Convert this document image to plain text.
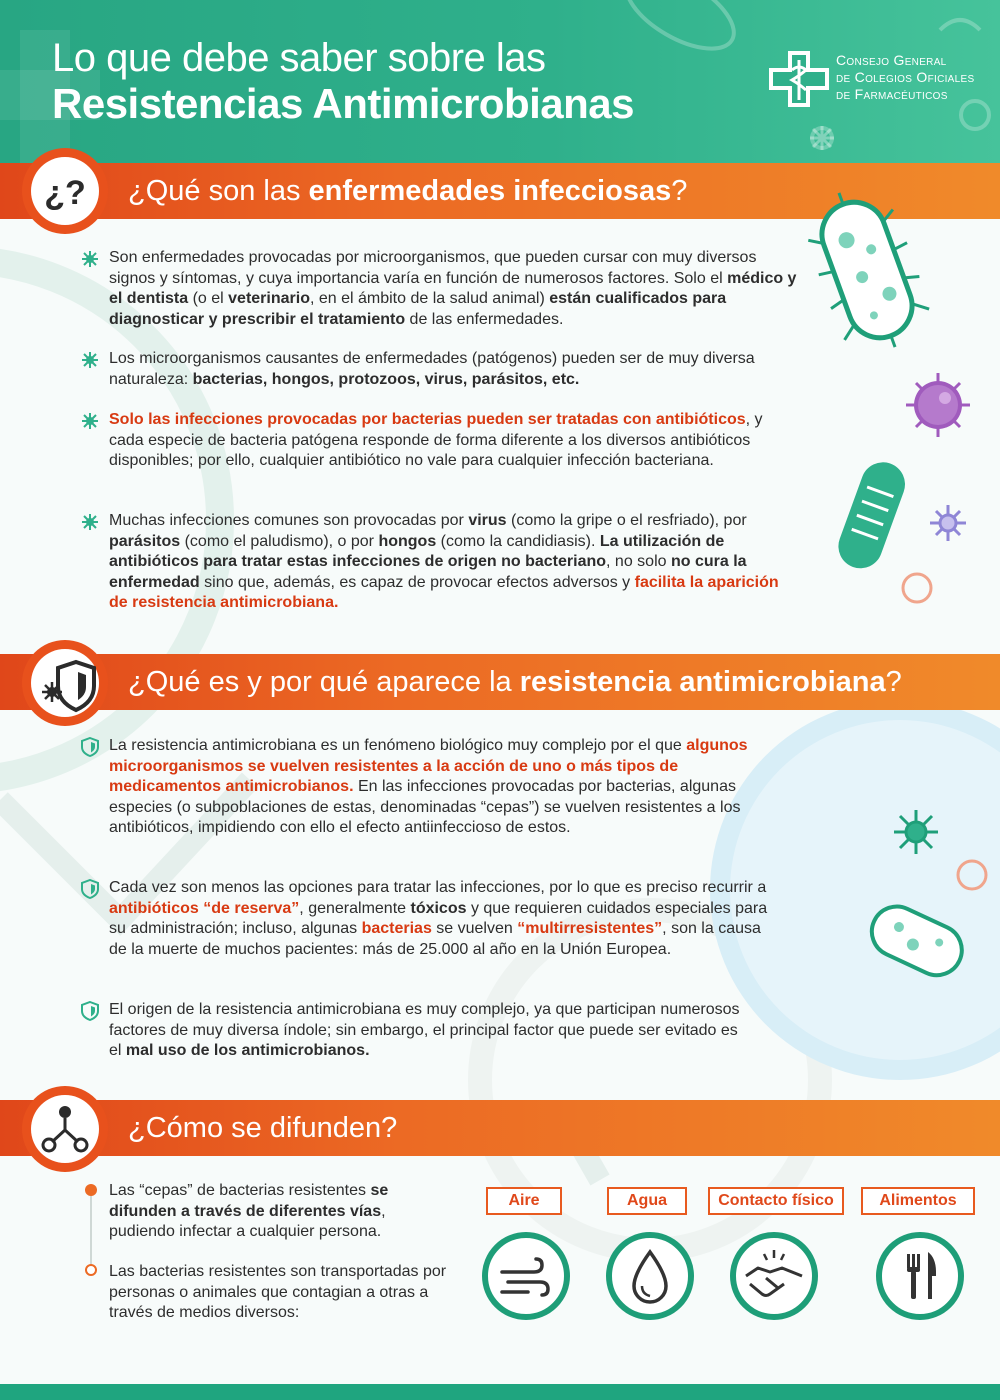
Lo que debe saber sobre las
Resistencias Antimicrobianas
Consejo General
de Colegios Oficiales
de Farmacéuticos
¿Qué son las enfermedades infecciosas?
¿?
Son enfermedades provocadas por microorganismos, que pueden cursar con muy diversos signos y síntomas, y cuya importancia varía en función de numerosos factores. Solo el médico y el dentista (o el veterinario, en el ámbito de la salud animal) están cualificados para diagnosticar y prescribir el tratamiento de las enfermedades.
Los microorganismos causantes de enfermedades (patógenos) pueden ser de muy diversa naturaleza: bacterias, hongos, protozoos, virus, parásitos, etc.
Solo las infecciones provocadas por bacterias pueden ser tratadas con antibióticos, y cada especie de bacteria patógena responde de forma diferente a los diversos antibióticos disponibles; por ello, cualquier antibiótico no vale para cualquier infección bacteriana.
Muchas infecciones comunes son provocadas por virus (como la gripe o el resfriado), por parásitos (como el paludismo), o por hongos (como la candidiasis). La utilización de antibióticos para tratar estas infecciones de origen no bacteriano, no solo no cura la enfermedad sino que, además, es capaz de provocar efectos adversos y facilita la aparición de resistencia antimicrobiana.
¿Qué es y por qué aparece la resistencia antimicrobiana?
La resistencia antimicrobiana es un fenómeno biológico muy complejo por el que algunos microorganismos se vuelven resistentes a la acción de uno o más tipos de medicamentos antimicrobianos. En las infecciones provocadas por bacterias, algunas especies (o subpoblaciones de estas, denominadas “cepas”) se vuelven resistentes a los antibióticos, impidiendo con ello el efecto antiinfeccioso de estos.
Cada vez son menos las opciones para tratar las infecciones, por lo que es preciso recurrir a antibióticos “de reserva”, generalmente tóxicos y que requieren cuidados especiales para su administración; incluso, algunas bacterias se vuelven “multirresistentes”, son la causa de la muerte de muchos pacientes: más de 25.000 al año en la Unión Europea.
El origen de la resistencia antimicrobiana es muy complejo, ya que participan numerosos factores de muy diversa índole; sin embargo, el principal factor que puede ser evitado es el mal uso de los antimicrobianos.
¿Cómo se difunden?
Las “cepas” de bacterias resistentes se difunden a través de diferentes vías, pudiendo infectar a cualquier persona.
Las bacterias resistentes son transportadas por personas o animales que contagian a otras a través de medios diversos:
Aire	Agua	Contacto físico	Alimentos
